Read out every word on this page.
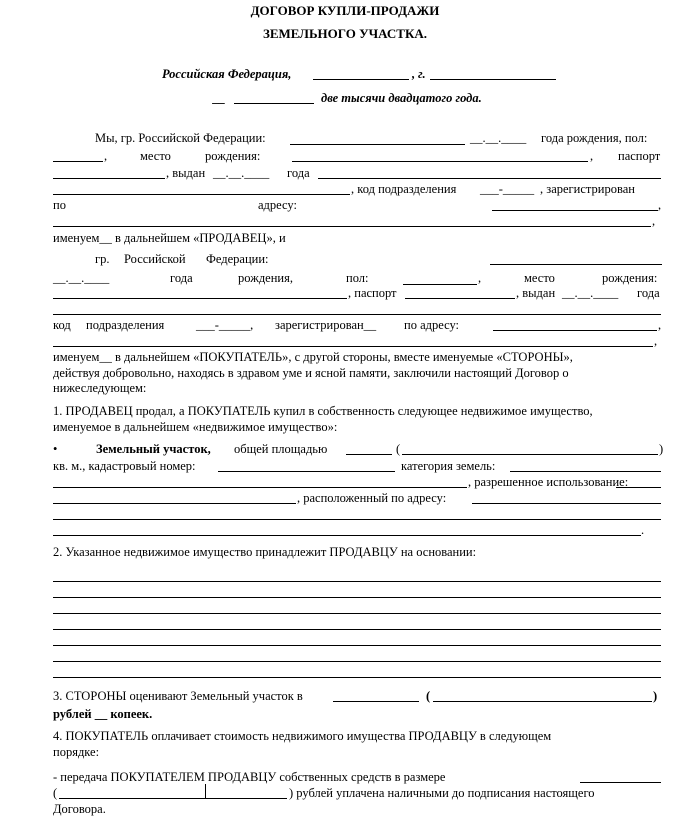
ДОГОВОР КУПЛИ-ПРОДАЖИ
ЗЕМЕЛЬНОГО УЧАСТКА.
Российская Федерация,	, г.
__	две тысячи двадцатого года.
Мы, гр. Российской Федерации:	__.__.____ года рождения, пол:
,	место	рождения:	, паспорт
, выдан __.__.____ года
, код подразделения ___-_____ , зарегистрирован
по	адресу:	,
,
именуем__ в дальнейшем «ПРОДАВЕЦ», и
гр. Российской Федерации:
__.__.____	года	рождения,	пол:	,	место	рождения:
, паспорт	, выдан __.__.____ года
код подразделения	___-_____, зарегистрирован__ по адресу:	,
,
именуем__ в дальнейшем «ПОКУПАТЕЛЬ», с другой стороны, вместе именуемые «СТОРОНЫ»,
действуя добровольно, находясь в здравом уме и ясной памяти, заключили настоящий Договор о
нижеследующем:
1. ПРОДАВЕЦ продал, а ПОКУПАТЕЛЬ купил в собственность следующее недвижимое имущество,
именуемое в дальнейшем «недвижимое имущество»:
•	Земельный участок, общей площадью	(	)
кв. м., кадастровый номер:	категория земель:
, разрешенное использование:
, расположенный по адресу:
.
2. Указанное недвижимое имущество принадлежит ПРОДАВЦУ на основании:
3. СТОРОНЫ оценивают Земельный участок в	(	)
рублей __ копеек.
4. ПОКУПАТЕЛЬ оплачивает стоимость недвижимого имущества ПРОДАВЦУ в следующем
порядке:
- передача ПОКУПАТЕЛЕМ ПРОДАВЦУ собственных средств в размере
(	) рублей уплачена наличными до подписания настоящего
Договора.
